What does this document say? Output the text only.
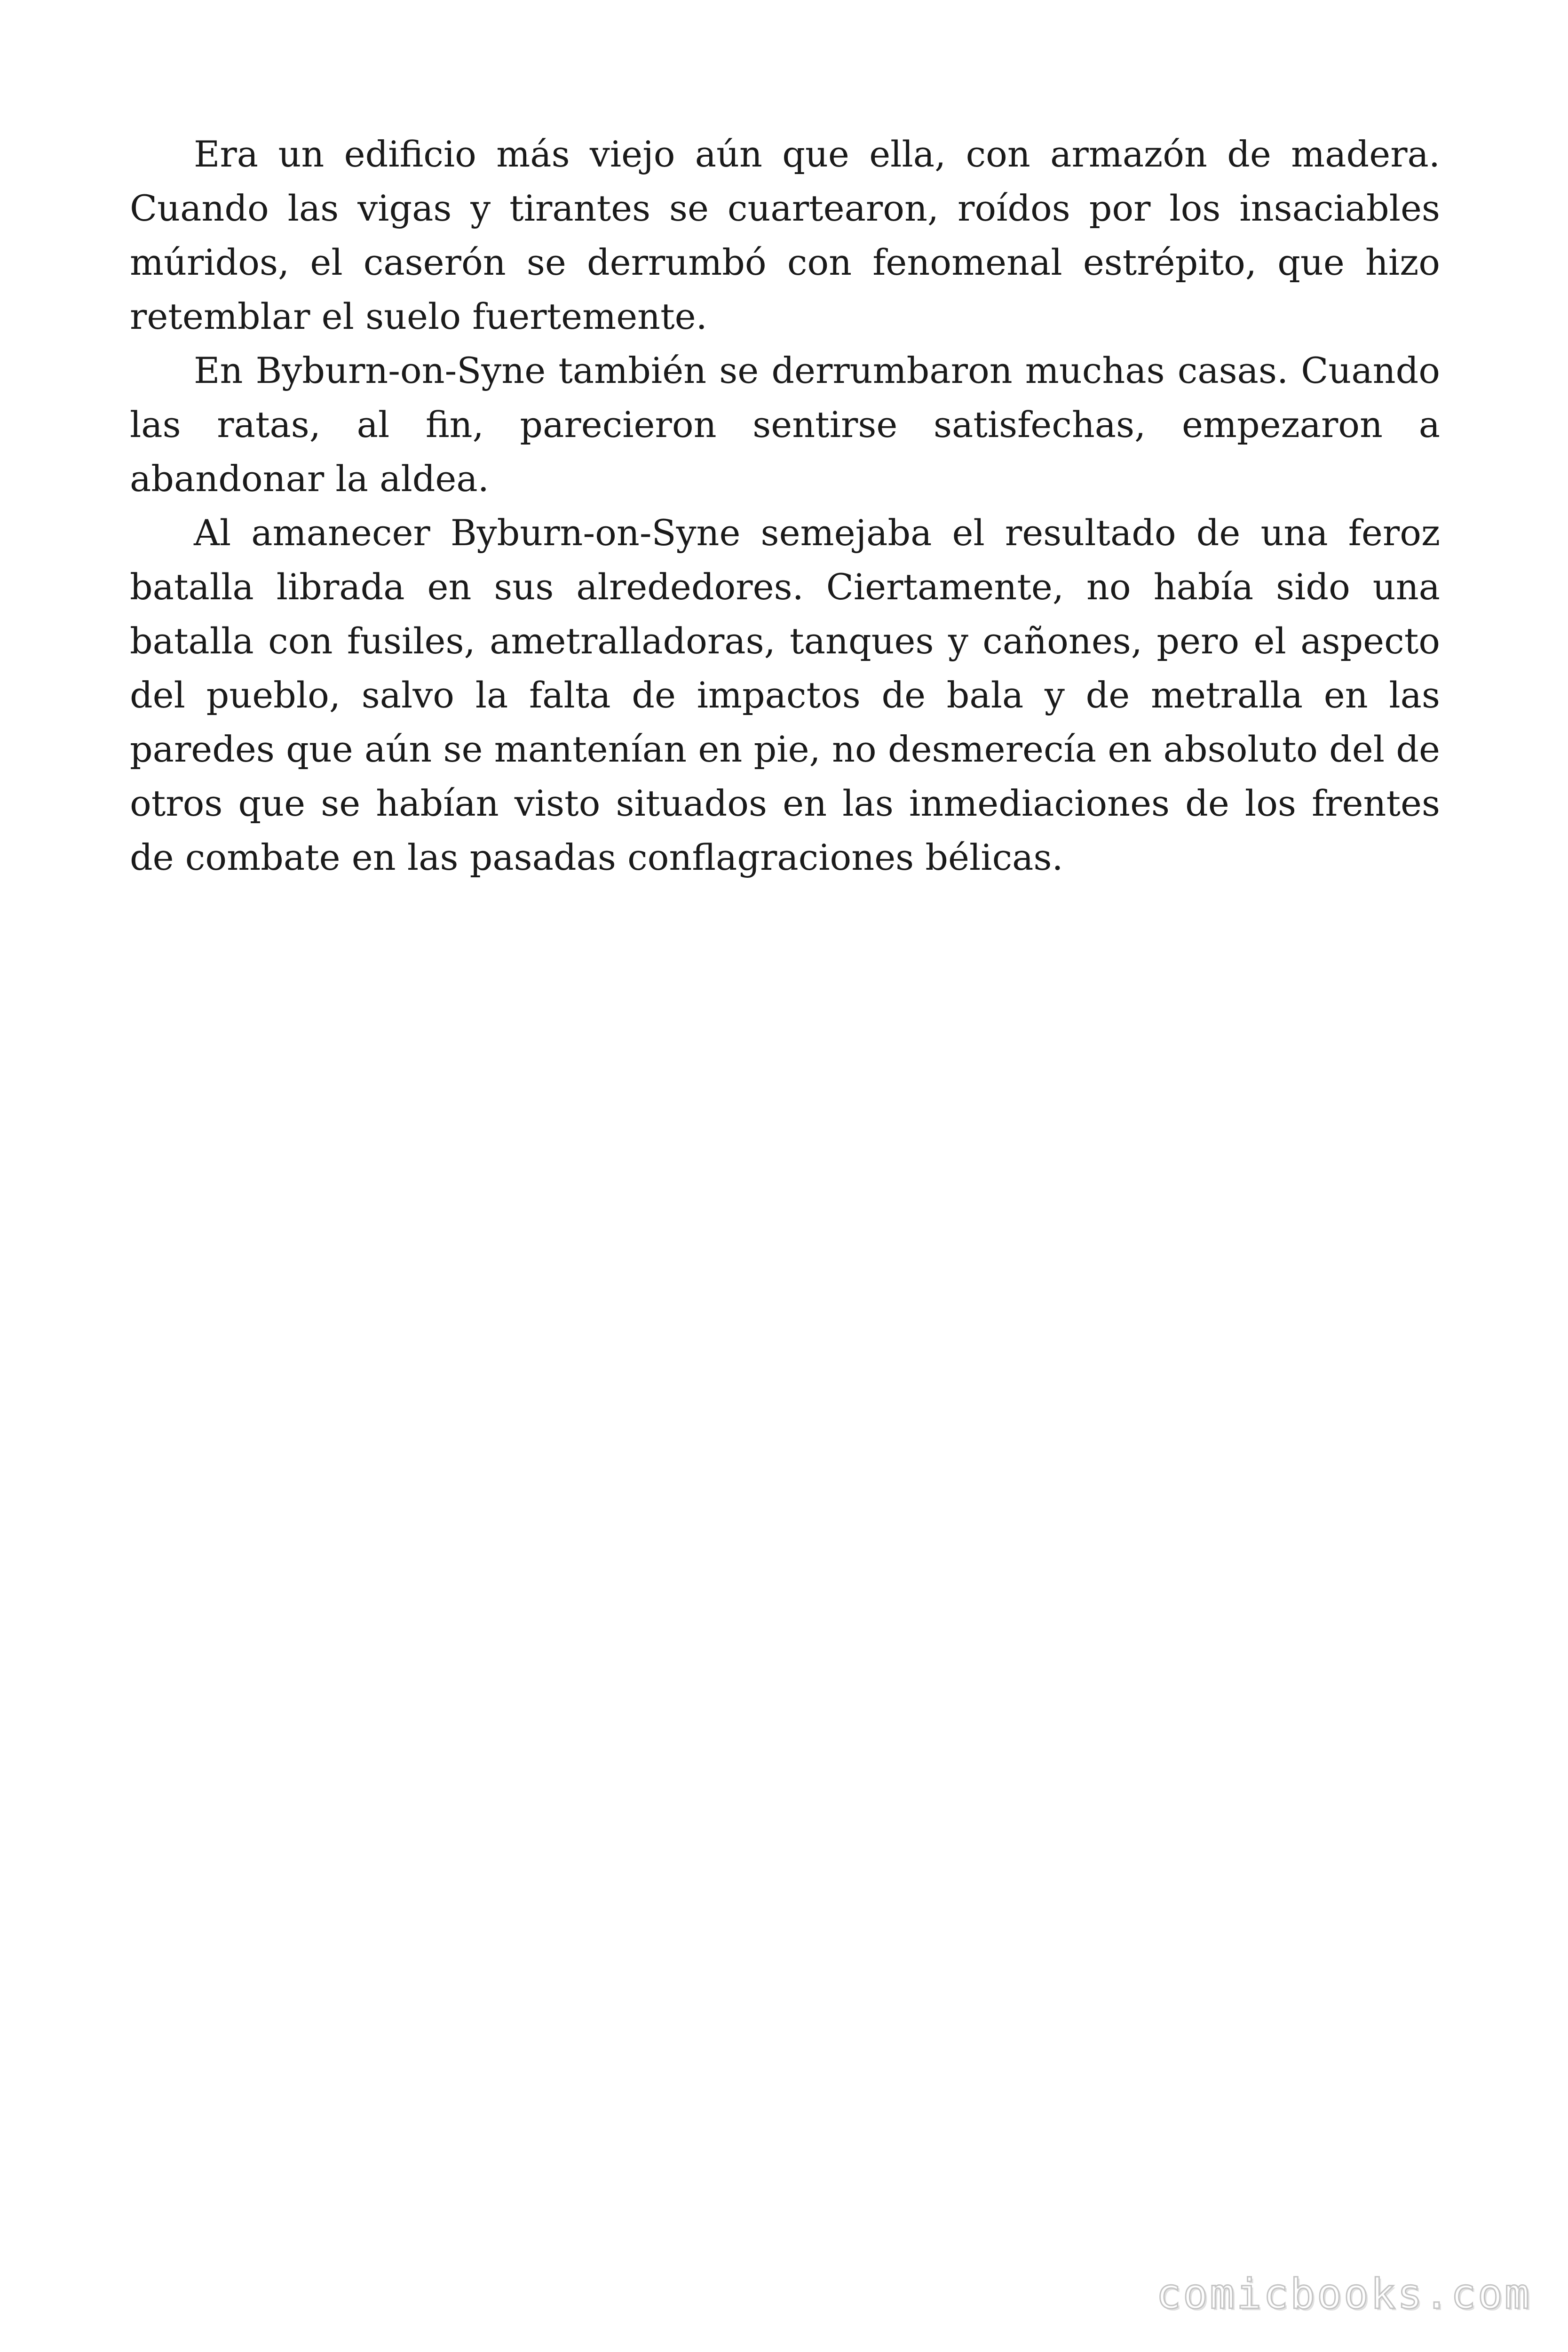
Era un edificio más viejo aún que ella, con armazón de madera. Cuando las vigas y tirantes se cuartearon, roídos por los insaciables múridos, el caserón se derrumbó con fenomenal estrépito, que hizo retemblar el suelo fuertemente.

En Byburn-on-Syne también se derrumbaron muchas casas. Cuando las ratas, al fin, parecieron sentirse satisfechas, empezaron a abandonar la aldea.

Al amanecer Byburn-on-Syne semejaba el resultado de una feroz batalla librada en sus alrededores. Ciertamente, no había sido una batalla con fusiles, ametralladoras, tanques y cañones, pero el aspecto del pueblo, salvo la falta de impactos de bala y de metralla en las paredes que aún se mantenían en pie, no desmerecía en absoluto del de otros que se habían visto situados en las inmediaciones de los frentes de combate en las pasadas conflagraciones bélicas.

comicbooks.com
